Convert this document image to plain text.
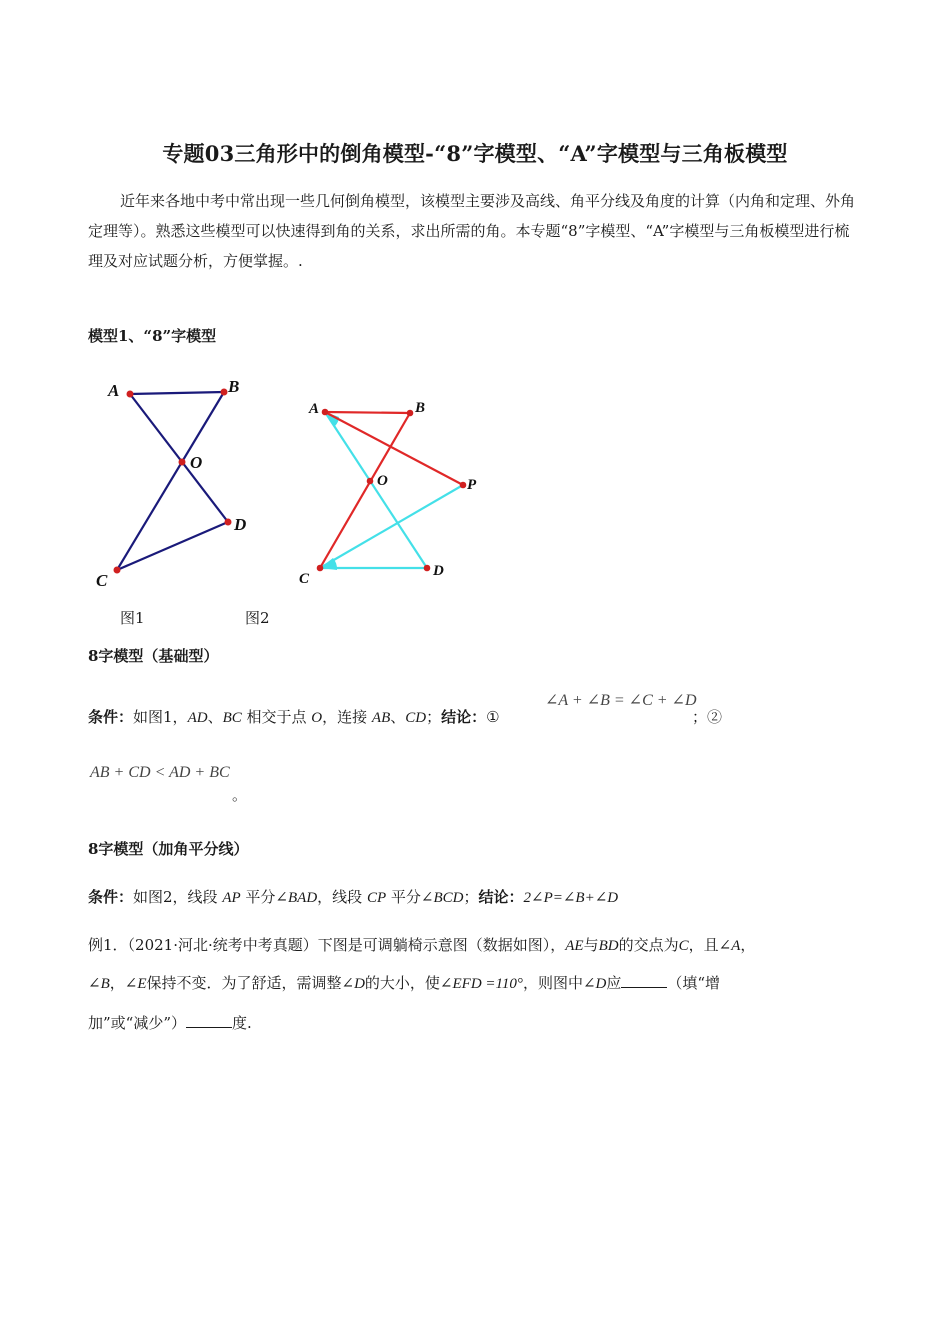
专题03三角形中的倒角模型-“8”字模型、“A”字模型与三角板模型
近年来各地中考中常出现一些几何倒角模型，该模型主要涉及高线、角平分线及角度的计算（内角和定理、外角定理等）。熟悉这些模型可以快速得到角的关系，求出所需的角。本专题“8”字模型、“A”字模型与三角板模型进行梳理及对应试题分析，方便掌握。.
模型1、“8”字模型
A	B
O
D
C
A	B
O	P
C	D
图1	图2
8字模型（基础型）
条件：如图1，AD、BC 相交于点 O，连接 AB、CD；结论：①
∠A + ∠B = ∠C + ∠D
；②
AB + CD < AD + BC
。
8字模型（加角平分线）
条件：如图2，线段 AP 平分∠BAD，线段 CP 平分∠BCD；结论：2∠P=∠B+∠D
例1．（2021·河北·统考中考真题）下图是可调躺椅示意图（数据如图），AE与BD的交点为C，且∠A，
∠B，∠E保持不变．为了舒适，需调整∠D的大小，使∠EFD =110°，则图中∠D应	（填“增
加”或“减少”）	度.
